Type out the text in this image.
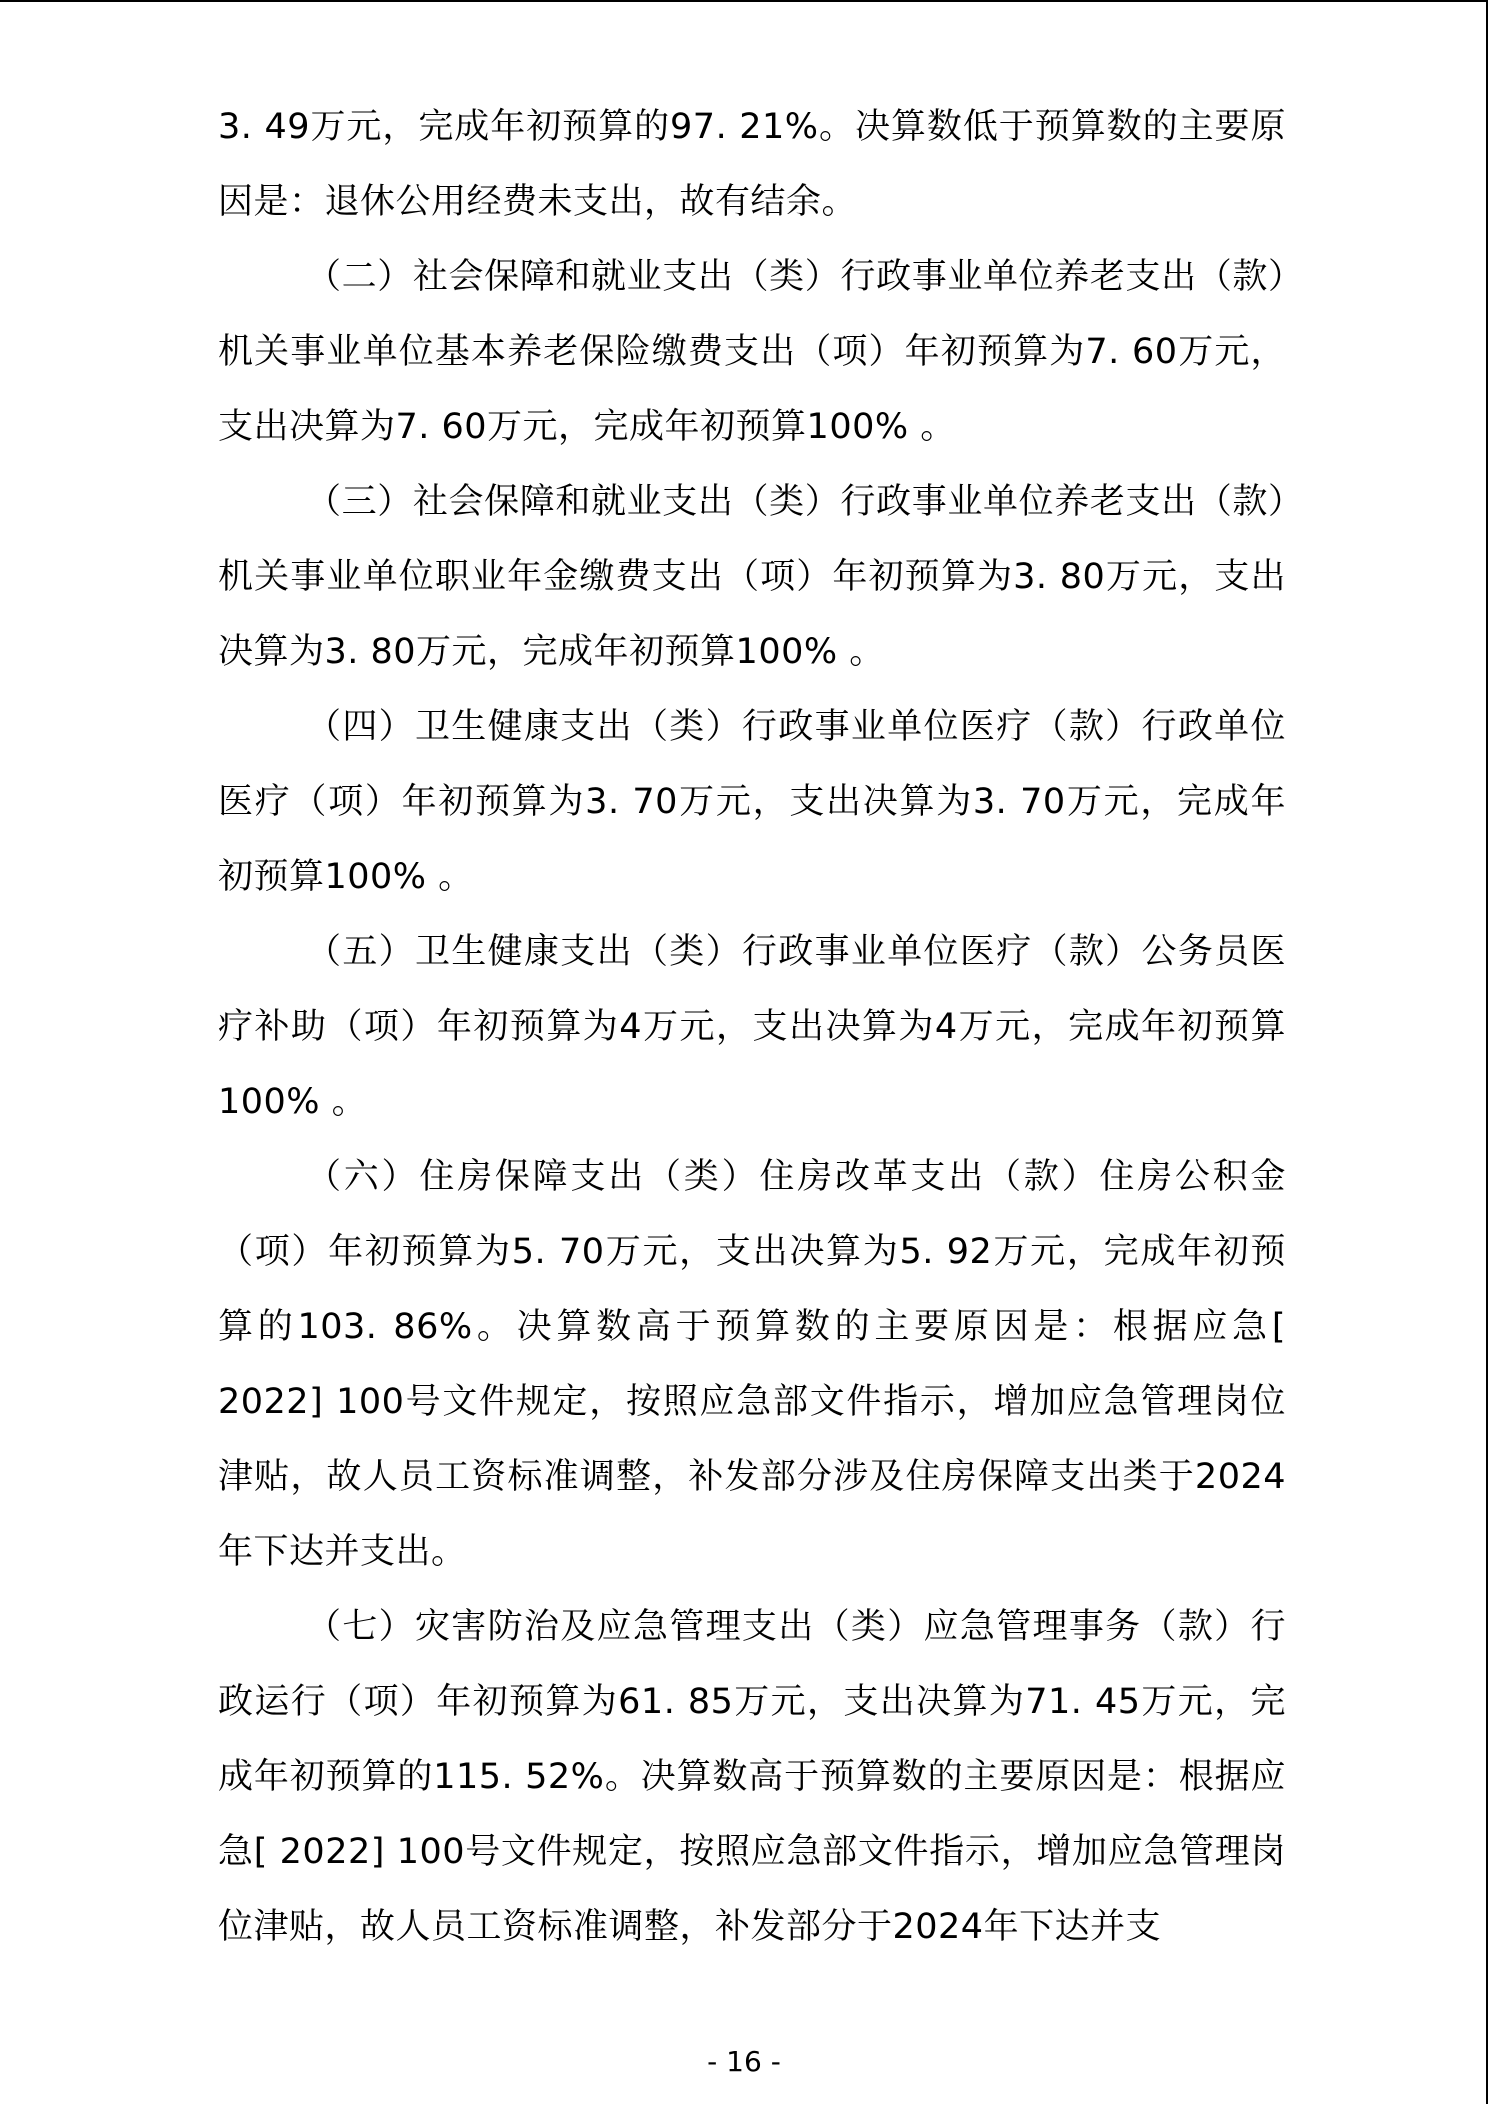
3. 49万元，完成年初预算的97. 21%。决算数低于预算数的主要原因是：退休公用经费未支出，故有结余。

（二）社会保障和就业支出（类）行政事业单位养老支出（款）机关事业单位基本养老保险缴费支出（项）年初预算为7. 60万元，支出决算为7. 60万元，完成年初预算100% 。

（三）社会保障和就业支出（类）行政事业单位养老支出（款）机关事业单位职业年金缴费支出（项）年初预算为3. 80万元，支出决算为3. 80万元，完成年初预算100% 。

（四）卫生健康支出（类）行政事业单位医疗（款）行政单位医疗（项）年初预算为3. 70万元，支出决算为3. 70万元，完成年初预算100% 。

（五）卫生健康支出（类）行政事业单位医疗（款）公务员医疗补助（项）年初预算为4万元，支出决算为4万元，完成年初预算100% 。

（六）住房保障支出（类）住房改革支出（款）住房公积金（项）年初预算为5. 70万元，支出决算为5. 92万元，完成年初预算的103. 86%。决算数高于预算数的主要原因是：根据应急[ 2022] 100号文件规定，按照应急部文件指示，增加应急管理岗位津贴，故人员工资标准调整，补发部分涉及住房保障支出类于2024年下达并支出。

（七）灾害防治及应急管理支出（类）应急管理事务（款）行政运行（项）年初预算为61. 85万元，支出决算为71. 45万元，完成年初预算的115. 52%。决算数高于预算数的主要原因是：根据应急[ 2022] 100号文件规定，按照应急部文件指示，增加应急管理岗位津贴，故人员工资标准调整，补发部分于2024年下达并支

- 16 -
